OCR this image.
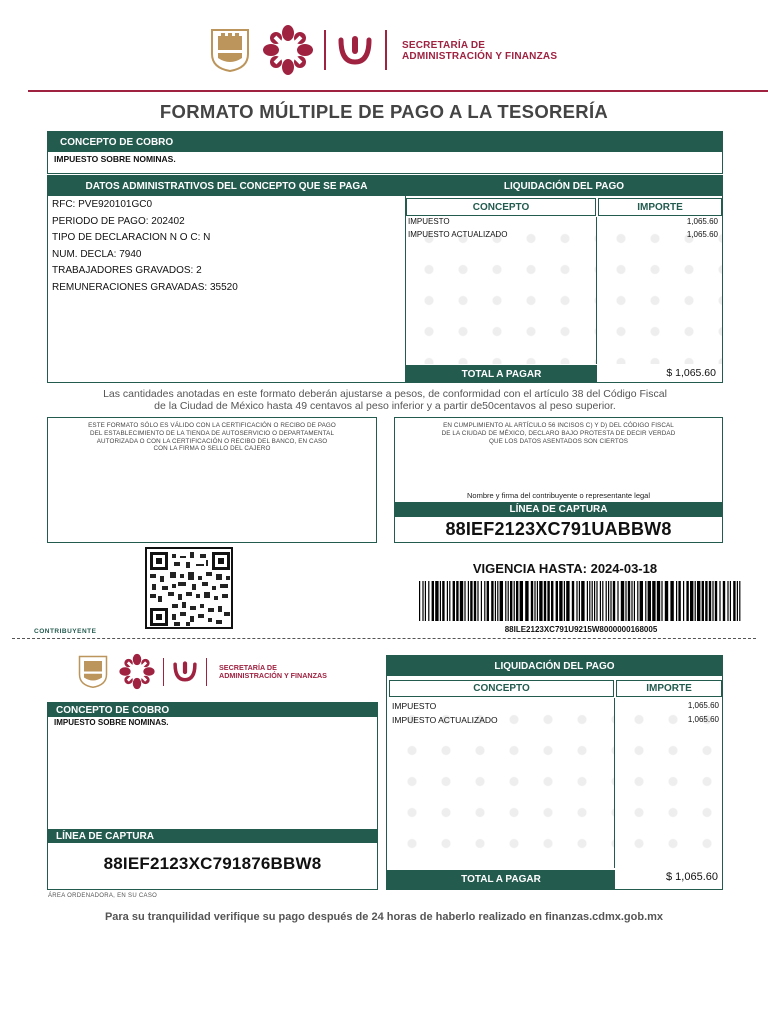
SECRETARÍA DE
ADMINISTRACIÓN Y FINANZAS
FORMATO MÚLTIPLE DE PAGO A LA TESORERÍA
CONCEPTO DE COBRO
IMPUESTO SOBRE NOMINAS.
DATOS ADMINISTRATIVOS DEL CONCEPTO QUE SE PAGA
RFC: PVE920101GC0
PERIODO DE PAGO: 202402
TIPO DE DECLARACION N O C: N
NUM. DECLA: 7940
TRABAJADORES GRAVADOS: 2
REMUNERACIONES GRAVADAS: 35520
LIQUIDACIÓN DEL PAGO
CONCEPTO	IMPORTE
IMPUESTO	1,065.60
IMPUESTO ACTUALIZADO	1,065.60
TOTAL A PAGAR	$ 1,065.60
Las cantidades anotadas en este formato deberán ajustarse a pesos, de conformidad con el artículo 38 del Código Fiscal
de la Ciudad de México hasta 49 centavos al peso inferior y a partir de50centavos al peso superior.
ESTE FORMATO SÓLO ES VÁLIDO CON LA CERTIFICACIÓN O RECIBO DE PAGO
DEL ESTABLECIMIENTO DE LA TIENDA DE AUTOSERVICIO O DEPARTAMENTAL
AUTORIZADA O CON LA CERTIFICACIÓN O RECIBO DEL BANCO, EN CASO
CON LA FIRMA O SELLO DEL CAJERO
EN CUMPLIMIENTO AL ARTÍCULO 56 INCISOS C) Y D) DEL CÓDIGO FISCAL
DE LA CIUDAD DE MÉXICO, DECLARO BAJO PROTESTA DE DECIR VERDAD
QUE LOS DATOS ASENTADOS SON CIERTOS
Nombre y firma del contribuyente o representante legal
LÍNEA DE CAPTURA
88IEF2123XC791UABBW8
VIGENCIA HASTA: 2024-03-18
88ILE2123XC791U9215W8000000168005
CONTRIBUYENTE
SECRETARÍA DE
ADMINISTRACIÓN Y FINANZAS
CONCEPTO DE COBRO
IMPUESTO SOBRE NOMINAS.
LÍNEA DE CAPTURA
88IEF2123XC791876BBW8
ÁREA ORDENADORA, EN SU CASO
LIQUIDACIÓN DEL PAGO
CONCEPTO	IMPORTE
IMPUESTO	1,065.60
IMPUESTO ACTUALIZADO	1,065.60
TOTAL A PAGAR	$ 1,065.60
Para su tranquilidad verifique su pago después de 24 horas de haberlo realizado en finanzas.cdmx.gob.mx
